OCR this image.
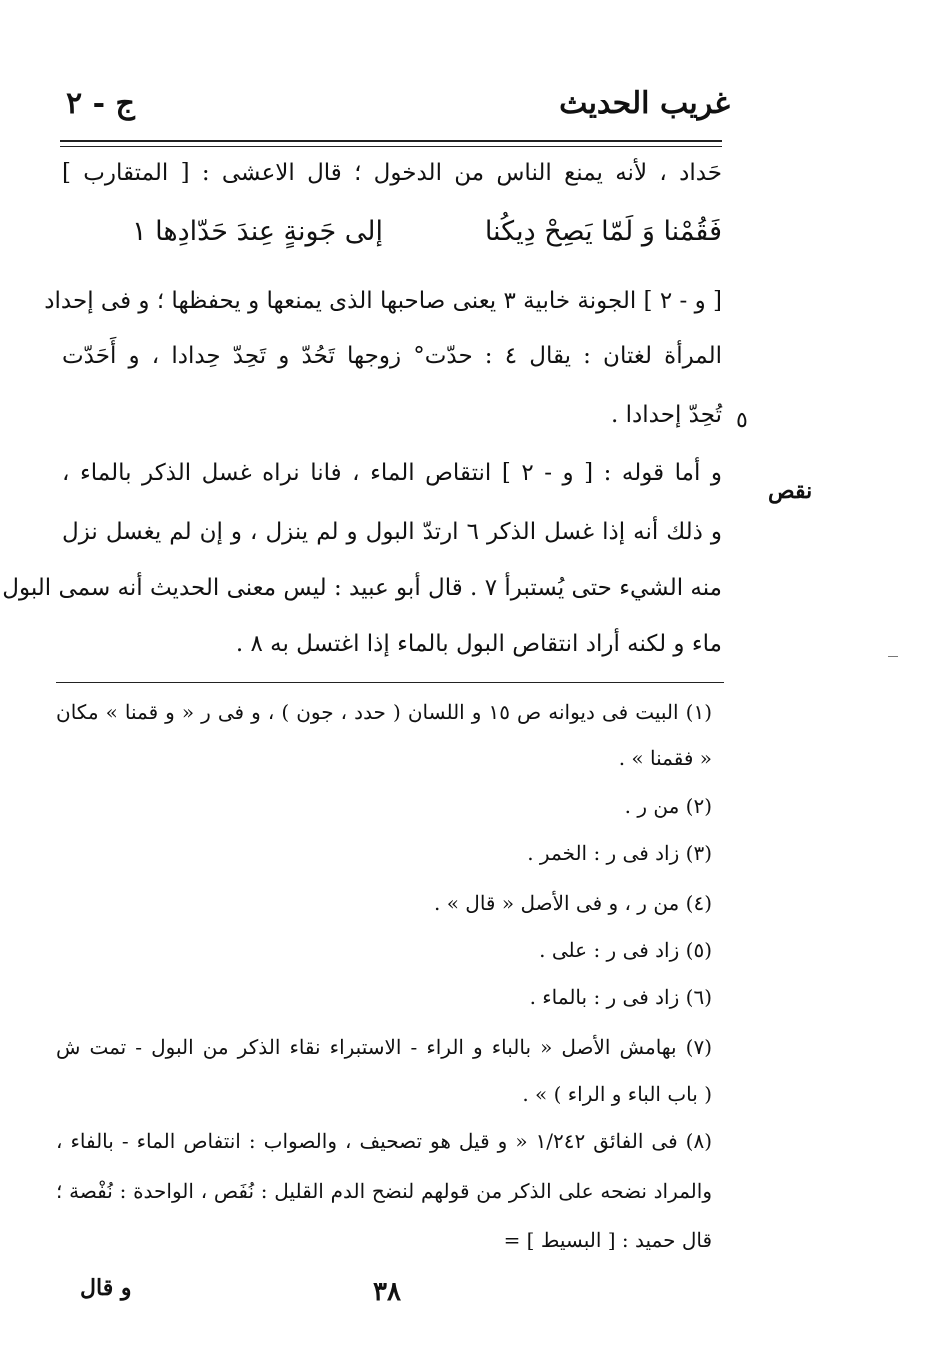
غريب الحديث
ج - ٢
حَداد ، لأنه يمنع الناس من الدخول ؛ قال الاعشى : [ المتقارب ]
فَقُمْنا وَ لَمّا يَصِحْ دِيكُنا
إلى جَونةٍ عِندَ حَدّادِها ١
[ و - ٢ ] الجونة خابية ٣ يعنى صاحبها الذى يمنعها و يحفظها ؛ و فى إحداد
المرأة لغتان : يقال ٤ : حدّت° زوجها تَحُدّ و تَحِدّ حِدادا ، و أَحَدّت
تُحِدّ إحدادا .
و أما قوله : [ و - ٢ ] انتقاص الماء ، فانا نراه غسل الذكر بالماء ،
و ذلك أنه إذا غسل الذكر ٦ ارتدّ البول و لم ينزل ، و إن لم يغسل نزل
منه الشيء حتى يُستبرأ ٧ . قال أبو عبيد : ليس معنى الحديث أنه سمى البول
ماء و لكنه أراد انتقاص البول بالماء إذا اغتسل به ٨ .
٥
نقص
(١) البيت فى ديوانه ص ١٥ و اللسان ( حدد ، جون ) ، و فى ر « و قمنا » مكان
« فقمنا » .
(٢) من ر .
(٣) زاد فى ر : الخمر .
(٤) من ر ، و فى الأصل « قال » .
(٥) زاد فى ر : على .
(٦) زاد فى ر : بالماء .
(٧) بهامش الأصل « بالباء و الراء - الاستبراء نقاء الذكر من البول - تمت ش
( باب الباء و الراء ) » .
(٨) فى الفائق ١/٢٤٢ « و قيل هو تصحيف ، والصواب : انتفاص الماء - بالفاء ،
والمراد نضحه على الذكر من قولهم لنضح الدم القليل : نُفَص ، الواحدة : نُفْصة ؛
قال حميد : [ البسيط ] =
٣٨
و قال
